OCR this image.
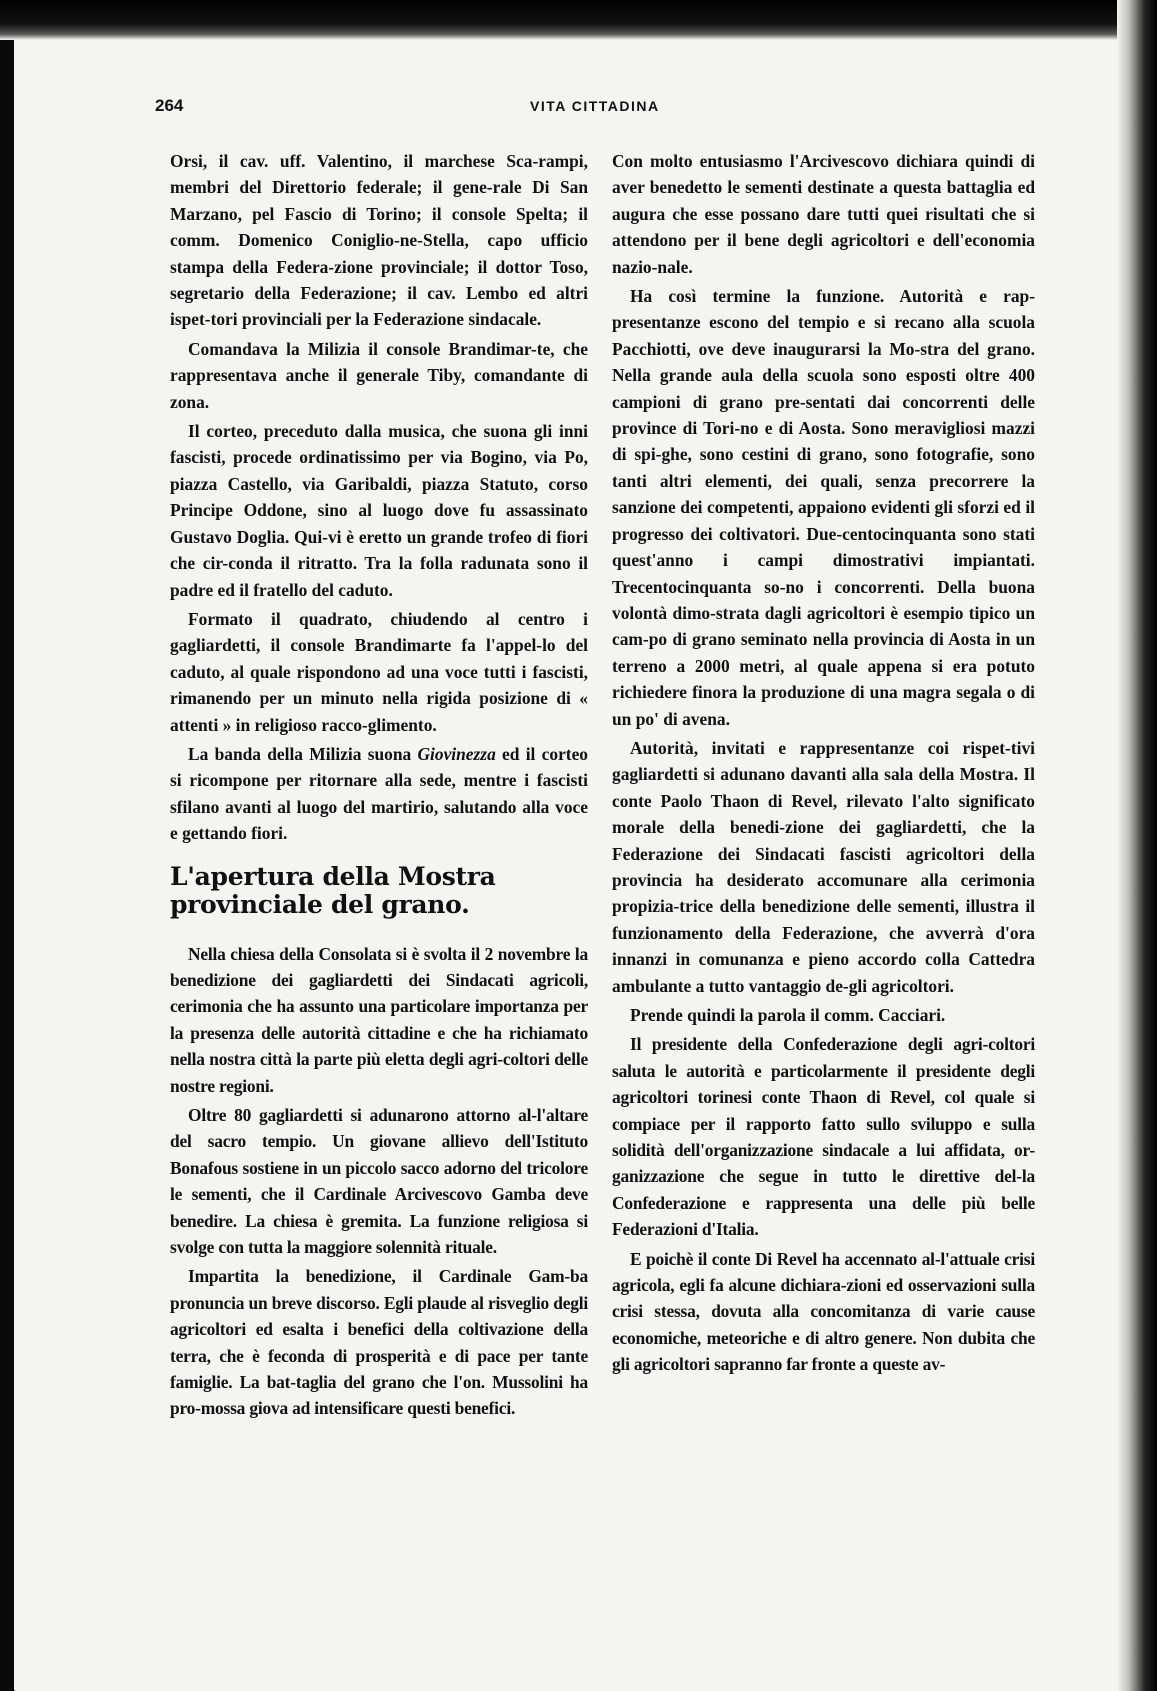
264	VITA CITTADINA

Orsi, il cav. uff. Valentino, il marchese Sca-rampi, membri del Direttorio federale; il gene-rale Di San Marzano, pel Fascio di Torino; il console Spelta; il comm. Domenico Coniglio-ne-Stella, capo ufficio stampa della Federa-zione provinciale; il dottor Toso, segretario della Federazione; il cav. Lembo ed altri ispet-tori provinciali per la Federazione sindacale.

Comandava la Milizia il console Brandimar-te, che rappresentava anche il generale Tiby, comandante di zona.

Il corteo, preceduto dalla musica, che suona gli inni fascisti, procede ordinatissimo per via Bogino, via Po, piazza Castello, via Garibaldi, piazza Statuto, corso Principe Oddone, sino al luogo dove fu assassinato Gustavo Doglia. Qui-vi è eretto un grande trofeo di fiori che cir-conda il ritratto. Tra la folla radunata sono il padre ed il fratello del caduto.

Formato il quadrato, chiudendo al centro i gagliardetti, il console Brandimarte fa l'appel-lo del caduto, al quale rispondono ad una voce tutti i fascisti, rimanendo per un minuto nella rigida posizione di « attenti » in religioso racco-glimento.

La banda della Milizia suona Giovinezza ed il corteo si ricompone per ritornare alla sede, mentre i fascisti sfilano avanti al luogo del martirio, salutando alla voce e gettando fiori.

L'apertura della Mostra provinciale del grano.

Nella chiesa della Consolata si è svolta il 2 novembre la benedizione dei gagliardetti dei Sindacati agricoli, cerimonia che ha assunto una particolare importanza per la presenza delle autorità cittadine e che ha richiamato nella nostra città la parte più eletta degli agri-coltori delle nostre regioni.

Oltre 80 gagliardetti si adunarono attorno al-l'altare del sacro tempio. Un giovane allievo dell'Istituto Bonafous sostiene in un piccolo sacco adorno del tricolore le sementi, che il Cardinale Arcivescovo Gamba deve benedire. La chiesa è gremita. La funzione religiosa si svolge con tutta la maggiore solennità rituale.

Impartita la benedizione, il Cardinale Gam-ba pronuncia un breve discorso. Egli plaude al risveglio degli agricoltori ed esalta i benefici della coltivazione della terra, che è feconda di prosperità e di pace per tante famiglie. La bat-taglia del grano che l'on. Mussolini ha pro-mossa giova ad intensificare questi benefici.

Con molto entusiasmo l'Arcivescovo dichiara quindi di aver benedetto le sementi destinate a questa battaglia ed augura che esse possano dare tutti quei risultati che si attendono per il bene degli agricoltori e dell'economia nazio-nale.

Ha così termine la funzione. Autorità e rap-presentanze escono del tempio e si recano alla scuola Pacchiotti, ove deve inaugurarsi la Mo-stra del grano. Nella grande aula della scuola sono esposti oltre 400 campioni di grano pre-sentati dai concorrenti delle province di Tori-no e di Aosta. Sono meravigliosi mazzi di spi-ghe, sono cestini di grano, sono fotografie, sono tanti altri elementi, dei quali, senza precorrere la sanzione dei competenti, appaiono evidenti gli sforzi ed il progresso dei coltivatori. Due-centocinquanta sono stati quest'anno i campi dimostrativi impiantati. Trecentocinquanta so-no i concorrenti. Della buona volontà dimo-strata dagli agricoltori è esempio tipico un cam-po di grano seminato nella provincia di Aosta in un terreno a 2000 metri, al quale appena si era potuto richiedere finora la produzione di una magra segala o di un po' di avena.

Autorità, invitati e rappresentanze coi rispet-tivi gagliardetti si adunano davanti alla sala della Mostra. Il conte Paolo Thaon di Revel, rilevato l'alto significato morale della benedi-zione dei gagliardetti, che la Federazione dei Sindacati fascisti agricoltori della provincia ha desiderato accomunare alla cerimonia propizia-trice della benedizione delle sementi, illustra il funzionamento della Federazione, che avverrà d'ora innanzi in comunanza e pieno accordo colla Cattedra ambulante a tutto vantaggio de-gli agricoltori.

Prende quindi la parola il comm. Cacciari.

Il presidente della Confederazione degli agri-coltori saluta le autorità e particolarmente il presidente degli agricoltori torinesi conte Thaon di Revel, col quale si compiace per il rapporto fatto sullo sviluppo e sulla solidità dell'organizzazione sindacale a lui affidata, or-ganizzazione che segue in tutto le direttive del-la Confederazione e rappresenta una delle più belle Federazioni d'Italia.

E poichè il conte Di Revel ha accennato al-l'attuale crisi agricola, egli fa alcune dichiara-zioni ed osservazioni sulla crisi stessa, dovuta alla concomitanza di varie cause economiche, meteoriche e di altro genere. Non dubita che gli agricoltori sapranno far fronte a queste av-
